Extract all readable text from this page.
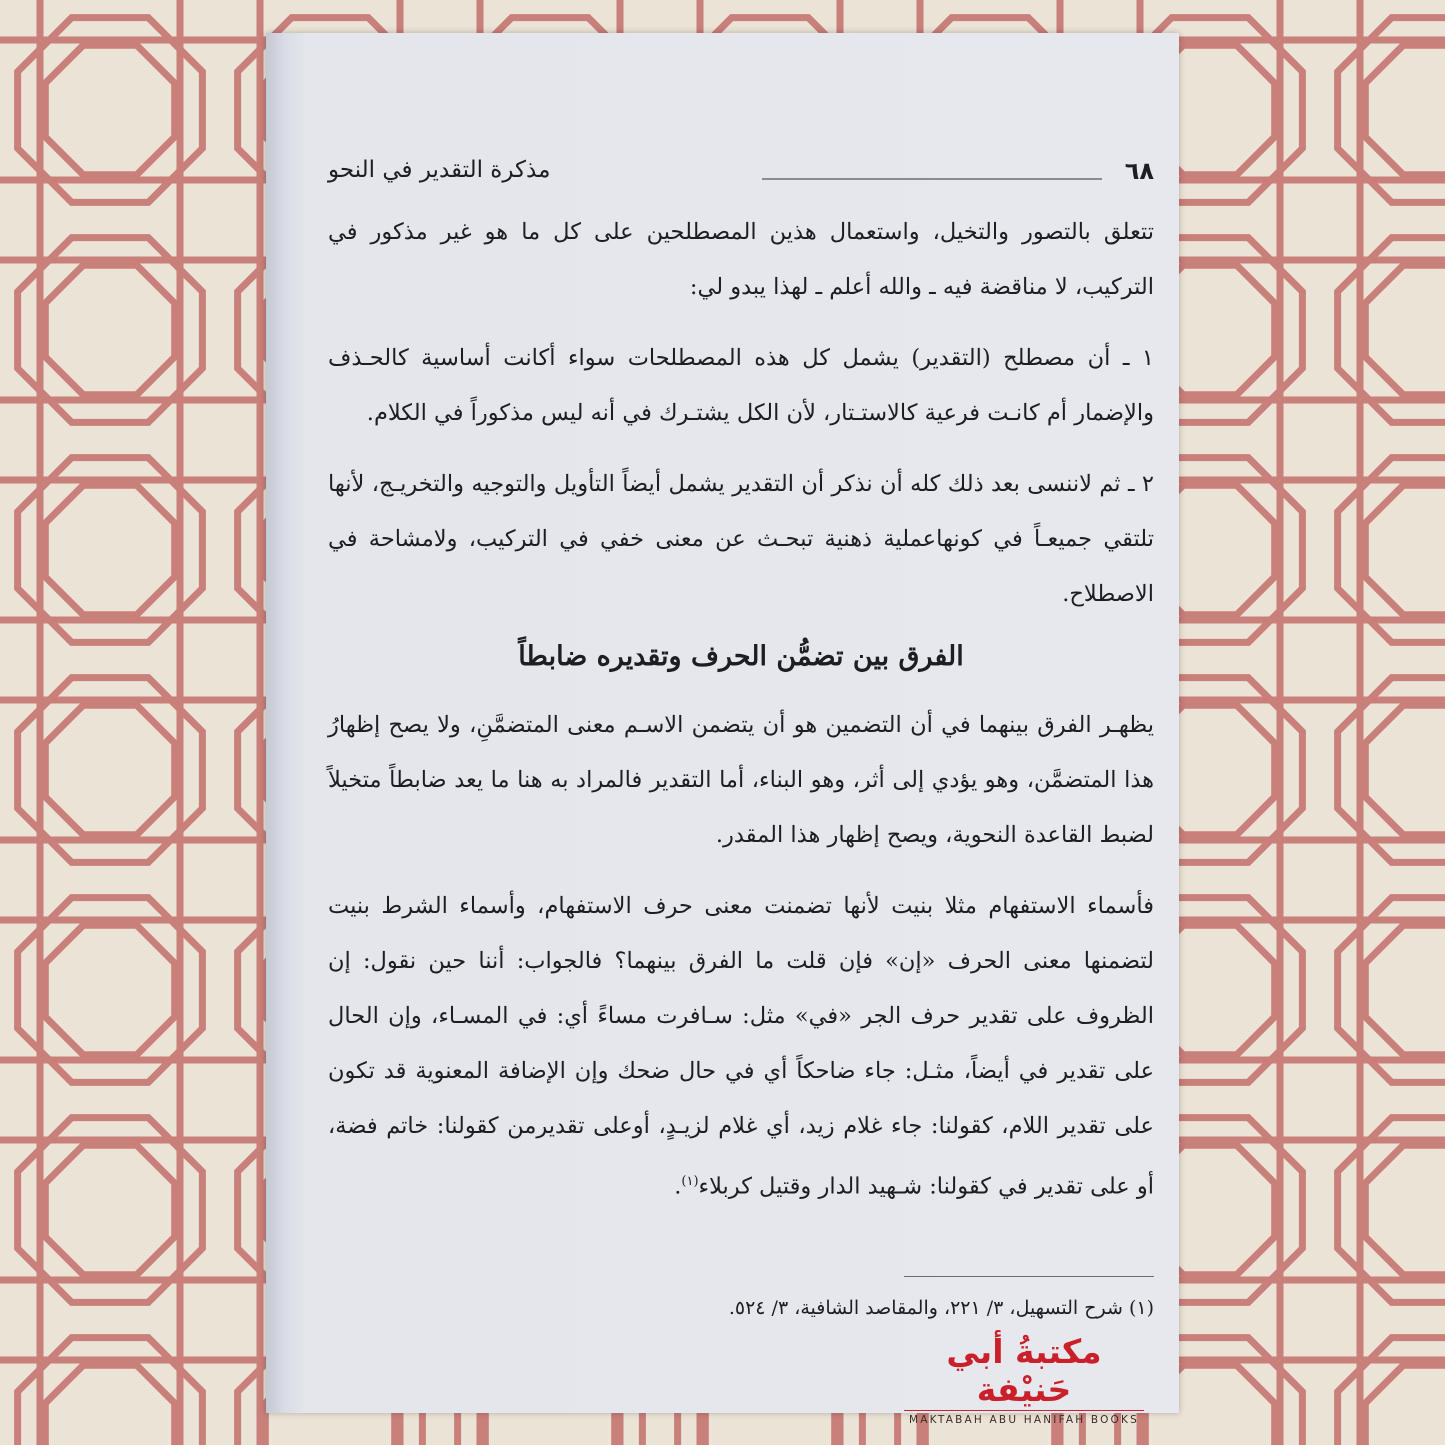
٦٨
مذكرة التقدير في النحو

تتعلق بالتصور والتخيل، واستعمال هذين المصطلحين على كل ما هو غير مذكور في التركيب، لا مناقضة فيه ـ والله أعلم ـ لهذا يبدو لي:

١ ـ أن مصطلح (التقدير) يشمل كل هذه المصطلحات سواء أكانت أساسية كالحـذف والإضمار أم كانـت فرعية كالاستـتار، لأن الكل يشتـرك في أنه ليس مذكوراً في الكلام.

٢ ـ ثم لاننسى بعد ذلك كله أن نذكر أن التقدير يشمل أيضاً التأويل والتوجيه والتخريـج، لأنها تلتقي جميعـاً في كونهاعملية ذهنية تبحـث عن معنى خفي في التركيب، ولامشاحة في الاصطلاح.

الفرق بين تضمُّن الحرف وتقديره ضابطاً

يظهـر الفرق بينهما في أن التضمين هو أن يتضمن الاسـم معنى المتضمَّنِ، ولا يصح إظهارُ هذا المتضمَّن، وهو يؤدي إلى أثر، وهو البناء، أما التقدير فالمراد به هنا ما يعد ضابطاً متخيلاً لضبط القاعدة النحوية، ويصح إظهار هذا المقدر.

فأسماء الاستفهام مثلا بنيت لأنها تضمنت معنى حرف الاستفهام، وأسماء الشرط بنيت لتضمنها معنى الحرف «إن» فإن قلت ما الفرق بينهما؟ فالجواب: أننا حين نقول: إن الظروف على تقدير حرف الجر «في» مثل: سـافرت مساءً أي: في المسـاء، وإن الحال على تقدير في أيضاً، مثـل: جاء ضاحكاً أي في حال ضحك وإن الإضافة المعنوية قد تكون على تقدير اللام، كقولنا: جاء غلام زيد، أي غلام لزيـدٍ، أوعلى تقديرمن كقولنا: خاتم فضة، أو على تقدير في كقولنا: شـهيد الدار وقتيل كربلاء$^{(١)}$.

(١) شرح التسهيل، ٣/ ٢٢١، والمقاصد الشافية، ٣/ ٥٢٤.
مكتبةُ أبي حَنيْفة
MAKTABAH ABU HANIFAH BOOKS
